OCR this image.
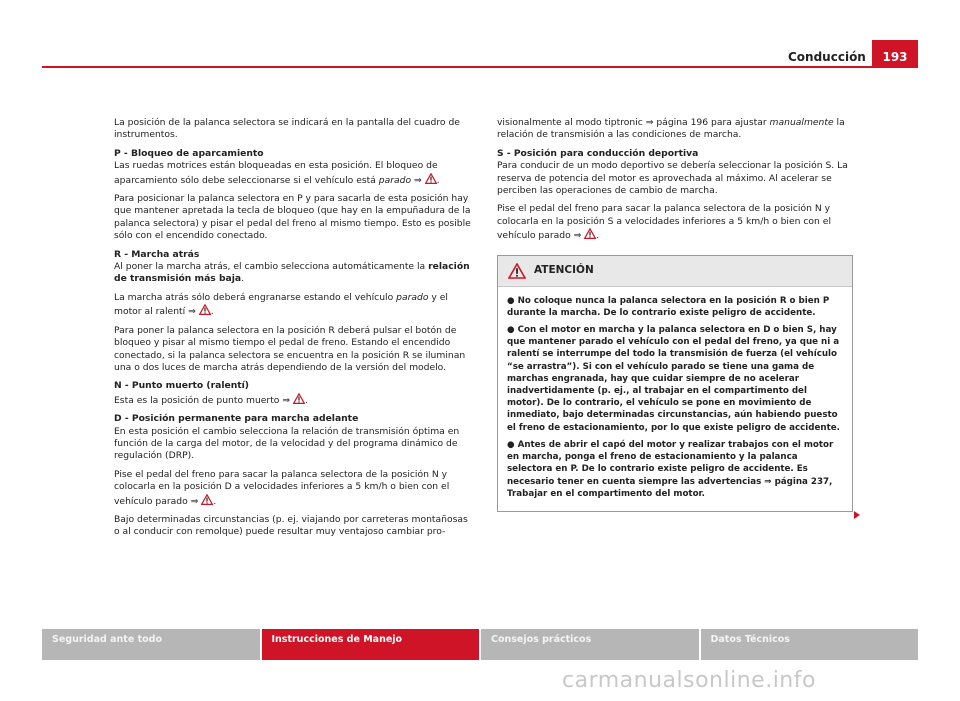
Conducción	193

La posición de la palanca selectora se indicará en la pantalla del cuadro de instrumentos.

P - Bloqueo de aparcamiento

Las ruedas motrices están bloqueadas en esta posición. El bloqueo de aparcamiento sólo debe seleccionarse si el vehículo está parado ⇒ .

Para posicionar la palanca selectora en P y para sacarla de esta posición hay que mantener apretada la tecla de bloqueo (que hay en la empuñadura de la palanca selectora) y pisar el pedal del freno al mismo tiempo. Esto es posible sólo con el encendido conectado.

R - Marcha atrás

Al poner la marcha atrás, el cambio selecciona automáticamente la relación de transmisión más baja.

La marcha atrás sólo deberá engranarse estando el vehículo parado y el motor al ralentí ⇒ .

Para poner la palanca selectora en la posición R deberá pulsar el botón de bloqueo y pisar al mismo tiempo el pedal de freno. Estando el encendido conectado, si la palanca selectora se encuentra en la posición R se iluminan una o dos luces de marcha atrás dependiendo de la versión del modelo.

N - Punto muerto (ralentí)

Esta es la posición de punto muerto ⇒ .

D - Posición permanente para marcha adelante

En esta posición el cambio selecciona la relación de transmisión óptima en función de la carga del motor, de la velocidad y del programa dinámico de regulación (DRP).

Pise el pedal del freno para sacar la palanca selectora de la posición N y colocarla en la posición D a velocidades inferiores a 5 km/h o bien con el vehículo parado ⇒ .

Bajo determinadas circunstancias (p. ej. viajando por carreteras montañosas o al conducir con remolque) puede resultar muy ventajoso cambiar pro-

visionalmente al modo tiptronic ⇒ página 196 para ajustar manualmente la relación de transmisión a las condiciones de marcha.

S - Posición para conducción deportiva

Para conducir de un modo deportivo se debería seleccionar la posición S. La reserva de potencia del motor es aprovechada al máximo. Al acelerar se perciben las operaciones de cambio de marcha.

Pise el pedal del freno para sacar la palanca selectora de la posición N y colocarla en la posición S a velocidades inferiores a 5 km/h o bien con el vehículo parado ⇒ .

ATENCIÓN

● No coloque nunca la palanca selectora en la posición R o bien P durante la marcha. De lo contrario existe peligro de accidente.

● Con el motor en marcha y la palanca selectora en D o bien S, hay que mantener parado el vehículo con el pedal del freno, ya que ni a ralentí se interrumpe del todo la transmisión de fuerza (el vehículo “se arrastra”). Si con el vehículo parado se tiene una gama de marchas engranada, hay que cuidar siempre de no acelerar inadvertidamente (p. ej., al trabajar en el compartimento del motor). De lo contrario, el vehículo se pone en movimiento de inmediato, bajo determinadas circunstancias, aún habiendo puesto el freno de estacionamiento, por lo que existe peligro de accidente.

● Antes de abrir el capó del motor y realizar trabajos con el motor en marcha, ponga el freno de estacionamiento y la palanca selectora en P. De lo contrario existe peligro de accidente. Es necesario tener en cuenta siempre las advertencias ⇒ página 237, Trabajar en el compartimento del motor.

Seguridad ante todo	Instrucciones de Manejo	Consejos prácticos	Datos Técnicos
carmanualsonline.info
